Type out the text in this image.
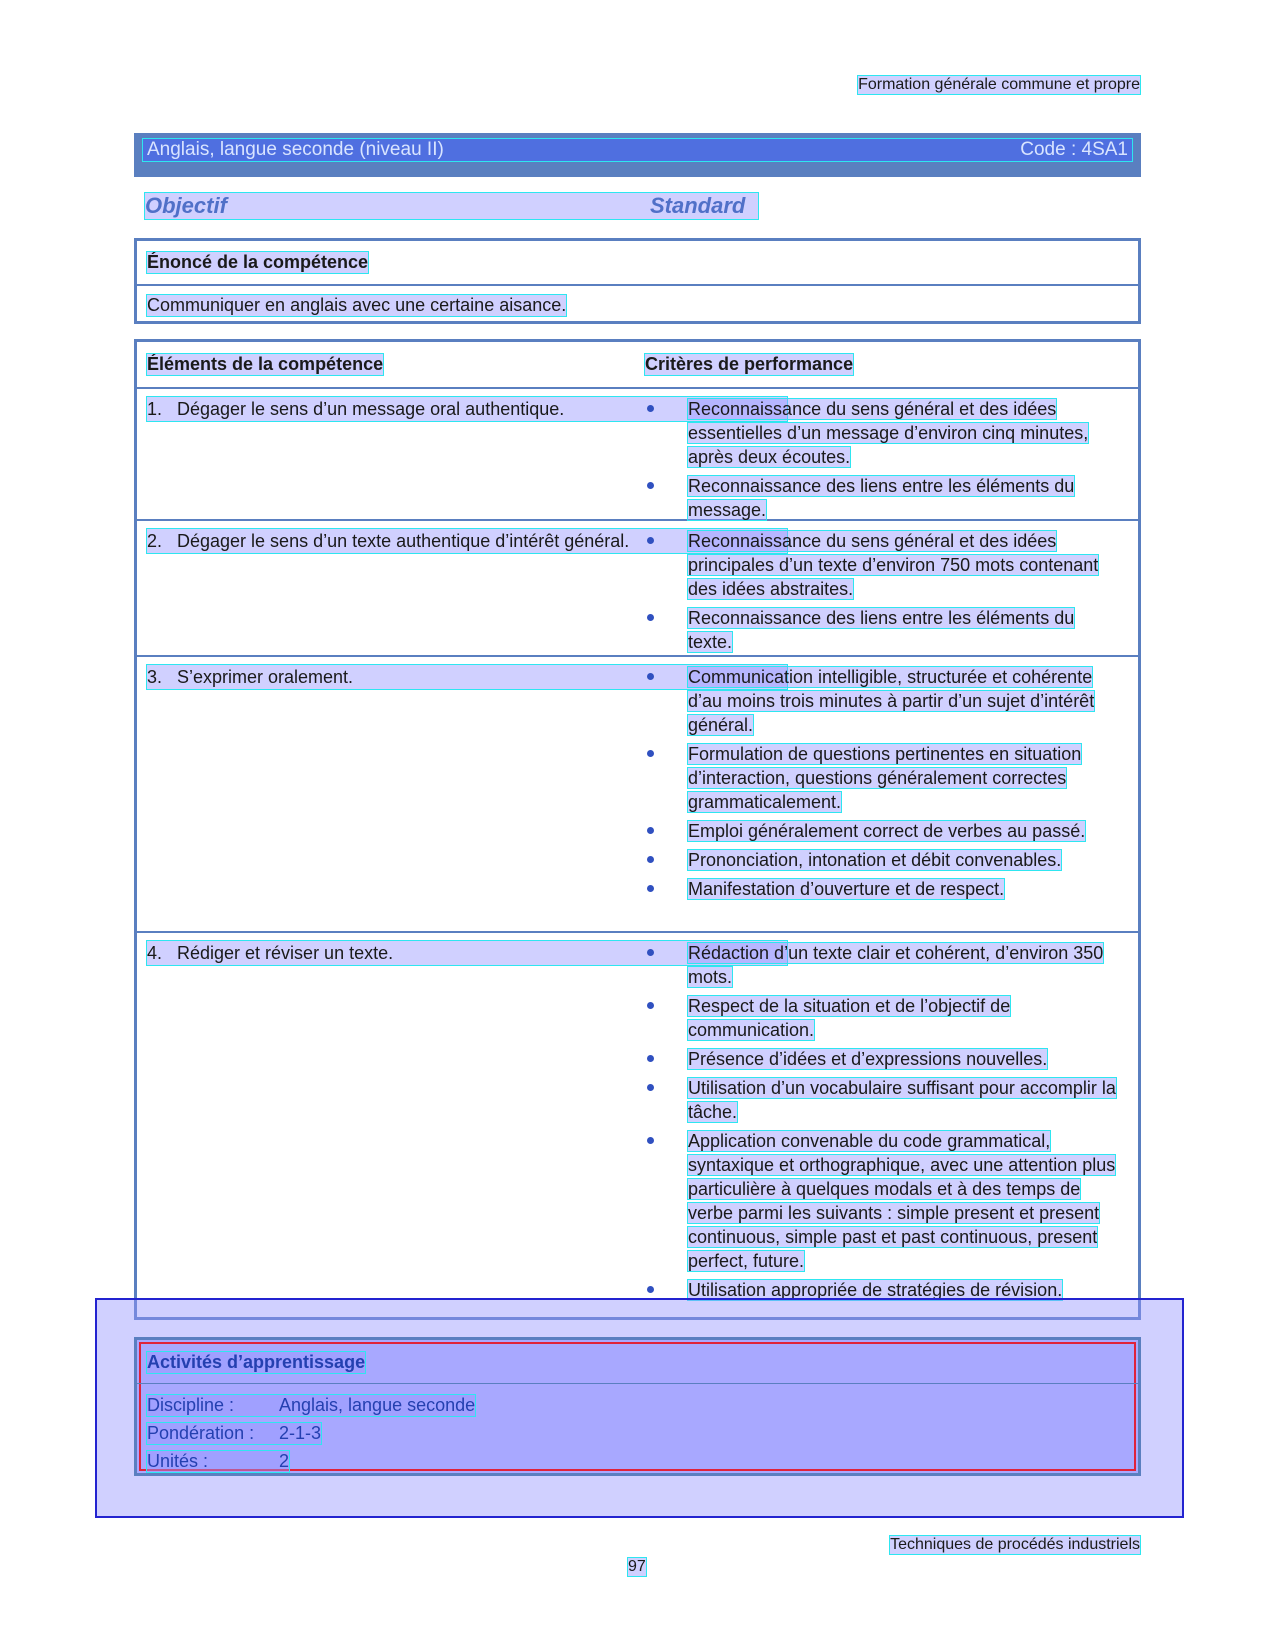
Formation générale commune et propre
Anglais, langue seconde (niveau II)	Code : 4SA1
Objectif	Standard
Énoncé de la compétence
Communiquer en anglais avec une certaine aisance.
Éléments de la compétence	Critères de performance
1. Dégager le sens d’un message oral authentique.	Reconnaissance du sens général et des idées essentielles d’un message d’environ cinq minutes, après deux écoutes.
Reconnaissance des liens entre les éléments du message.
2. Dégager le sens d’un texte authentique d’intérêt général.	Reconnaissance du sens général et des idées principales d’un texte d’environ 750 mots contenant des idées abstraites.
Reconnaissance des liens entre les éléments du texte.
3. S’exprimer oralement.	Communication intelligible, structurée et cohérente d’au moins trois minutes à partir d’un sujet d’intérêt général.
Formulation de questions pertinentes en situation d’interaction, questions généralement correctes grammaticalement.
Emploi généralement correct de verbes au passé.
Prononciation, intonation et débit convenables.
Manifestation d’ouverture et de respect.
4. Rédiger et réviser un texte.	Rédaction d’un texte clair et cohérent, d’environ 350 mots.
Respect de la situation et de l’objectif de communication.
Présence d’idées et d’expressions nouvelles.
Utilisation d’un vocabulaire suffisant pour accomplir la tâche.
Application convenable du code grammatical, syntaxique et orthographique, avec une attention plus particulière à quelques modals et à des temps de verbe parmi les suivants : simple present et present continuous, simple past et past continuous, present perfect, future.
Utilisation appropriée de stratégies de révision.
Activités d’apprentissage
Discipline : Anglais, langue seconde
Pondération : 2-1-3
Unités :	2
Techniques de procédés industriels
97
